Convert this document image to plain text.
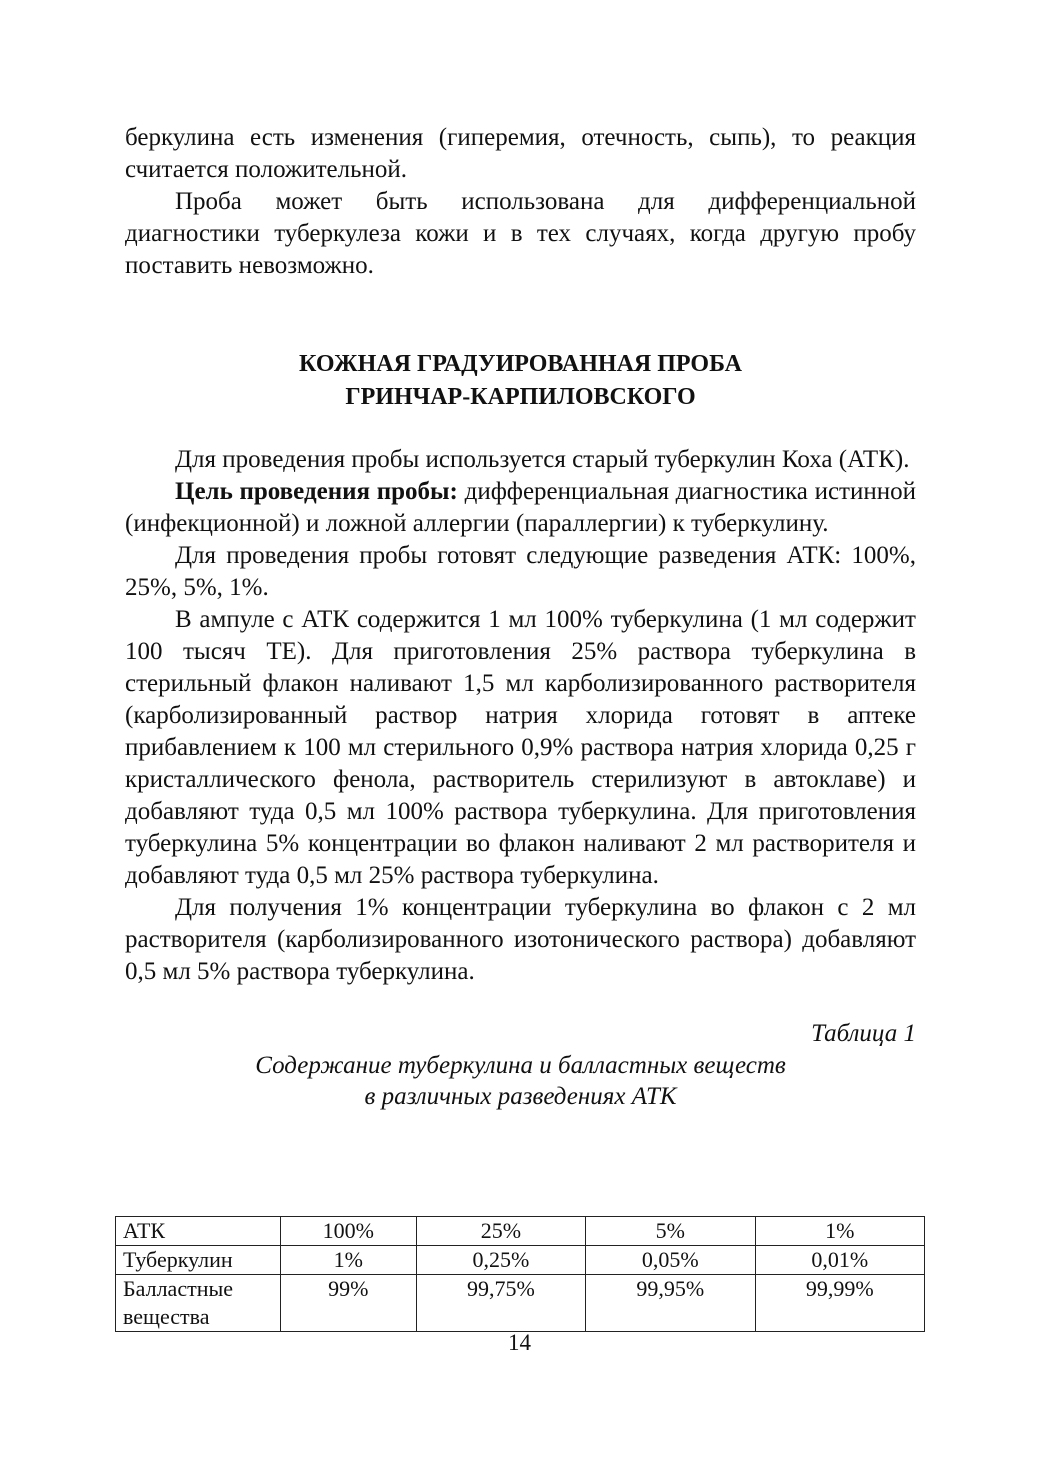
беркулина есть изменения (гиперемия, отечность, сыпь), то реакция считается положительной.

Проба может быть использована для дифференциальной диагностики туберкулеза кожи и в тех случаях, когда другую пробу поставить невозможно.

КОЖНАЯ ГРАДУИРОВАННАЯ ПРОБА
ГРИНЧАР-КАРПИЛОВСКОГО

Для проведения пробы используется старый туберкулин Коха (АТК).

Цель проведения пробы: дифференциальная диагностика истинной (инфекционной) и ложной аллергии (параллергии) к туберкулину.

Для проведения пробы готовят следующие разведения АТК: 100%, 25%, 5%, 1%.

В ампуле с АТК содержится 1 мл 100% туберкулина (1 мл содержит 100 тысяч ТЕ). Для приготовления 25% раствора туберкулина в стерильный флакон наливают 1,5 мл карболизированного растворителя (карболизированный раствор натрия хлорида готовят в аптеке прибавлением к 100 мл стерильного 0,9% раствора натрия хлорида 0,25 г кристаллического фенола, растворитель стерилизуют в автоклаве) и добавляют туда 0,5 мл 100% раствора туберкулина. Для приготовления туберкулина 5% концентрации во флакон наливают 2 мл растворителя и добавляют туда 0,5 мл 25% раствора туберкулина.

Для получения 1% концентрации туберкулина во флакон с 2 мл растворителя (карболизированного изотонического раствора) добавляют 0,5 мл 5% раствора туберкулина.

Таблица 1
Содержание туберкулина и балластных веществ
в различных разведениях АТК
АТК	100%	25%	5%	1%
Туберкулин	1%	0,25%	0,05%	0,01%
Балластные вещества	99%	99,75%	99,95%	99,99%
14
